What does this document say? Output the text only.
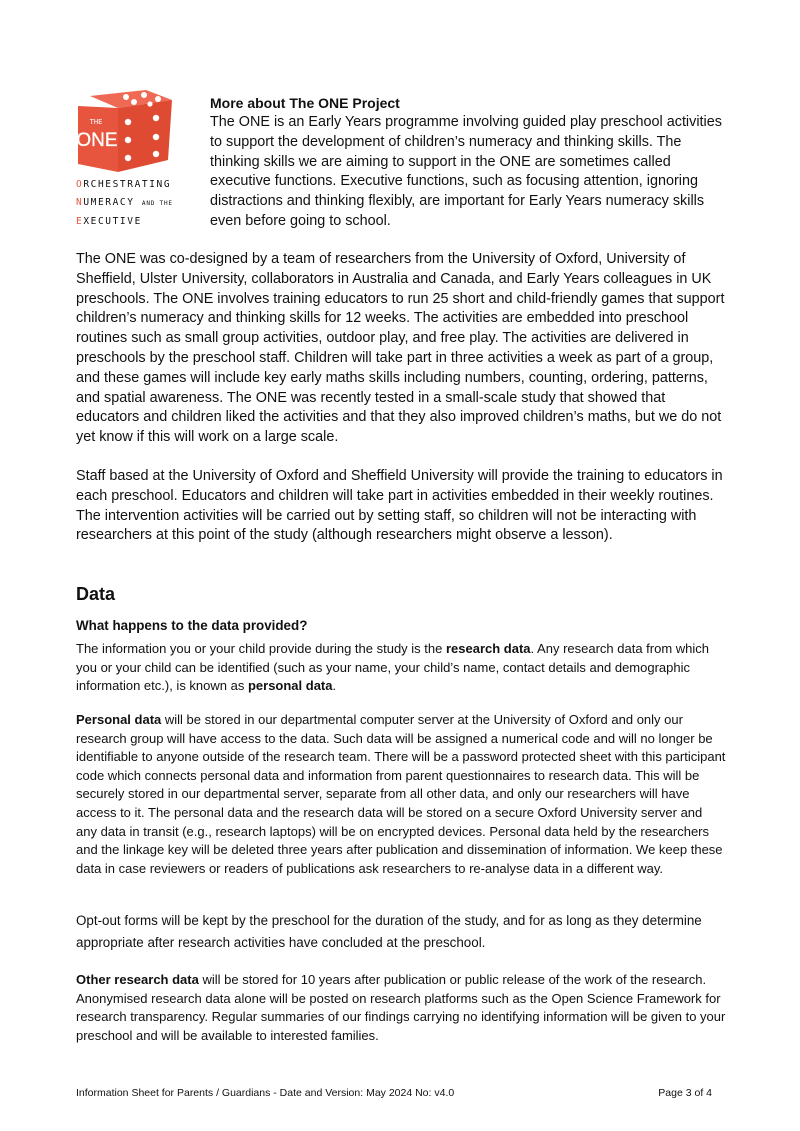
THE
ONE
ORCHESTRATING
NUMERACY AND THE
EXECUTIVE
More about The ONE Project

The ONE is an Early Years programme involving guided play preschool activities to support the development of children’s numeracy and thinking skills. The thinking skills we are aiming to support in the ONE are sometimes called executive functions. Executive functions, such as focusing attention, ignoring distractions and thinking flexibly, are important for Early Years numeracy skills even before going to school.

The ONE was co-designed by a team of researchers from the University of Oxford, University of Sheffield, Ulster University, collaborators in Australia and Canada, and Early Years colleagues in UK preschools. The ONE involves training educators to run 25 short and child-friendly games that support children’s numeracy and thinking skills for 12 weeks. The activities are embedded into preschool routines such as small group activities, outdoor play, and free play. The activities are delivered in preschools by the preschool staff. Children will take part in three activities a week as part of a group, and these games will include key early maths skills including numbers, counting, ordering, patterns, and spatial awareness. The ONE was recently tested in a small-scale study that showed that educators and children liked the activities and that they also improved children’s maths, but we do not yet know if this will work on a large scale.

Staff based at the University of Oxford and Sheffield University will provide the training to educators in each preschool. Educators and children will take part in activities embedded in their weekly routines. The intervention activities will be carried out by setting staff, so children will not be interacting with researchers at this point of the study (although researchers might observe a lesson).

Data
What happens to the data provided?

The information you or your child provide during the study is the research data. Any research data from which you or your child can be identified (such as your name, your child’s name, contact details and demographic information etc.), is known as personal data.

Personal data will be stored in our departmental computer server at the University of Oxford and only our research group will have access to the data. Such data will be assigned a numerical code and will no longer be identifiable to anyone outside of the research team. There will be a password protected sheet with this participant code which connects personal data and information from parent questionnaires to research data. This will be securely stored in our departmental server, separate from all other data, and only our researchers will have access to it. The personal data and the research data will be stored on a secure Oxford University server and any data in transit (e.g., research laptops) will be on encrypted devices. Personal data held by the researchers and the linkage key will be deleted three years after publication and dissemination of information. We keep these data in case reviewers or readers of publications ask researchers to re-analyse data in a different way.

Opt-out forms will be kept by the preschool for the duration of the study, and for as long as they determine appropriate after research activities have concluded at the preschool.

Other research data will be stored for 10 years after publication or public release of the work of the research. Anonymised research data alone will be posted on research platforms such as the Open Science Framework for research transparency. Regular summaries of our findings carrying no identifying information will be given to your preschool and will be available to interested families.

Information Sheet for Parents / Guardians - Date and Version: May 2024 No: v4.0	Page 3 of 4
